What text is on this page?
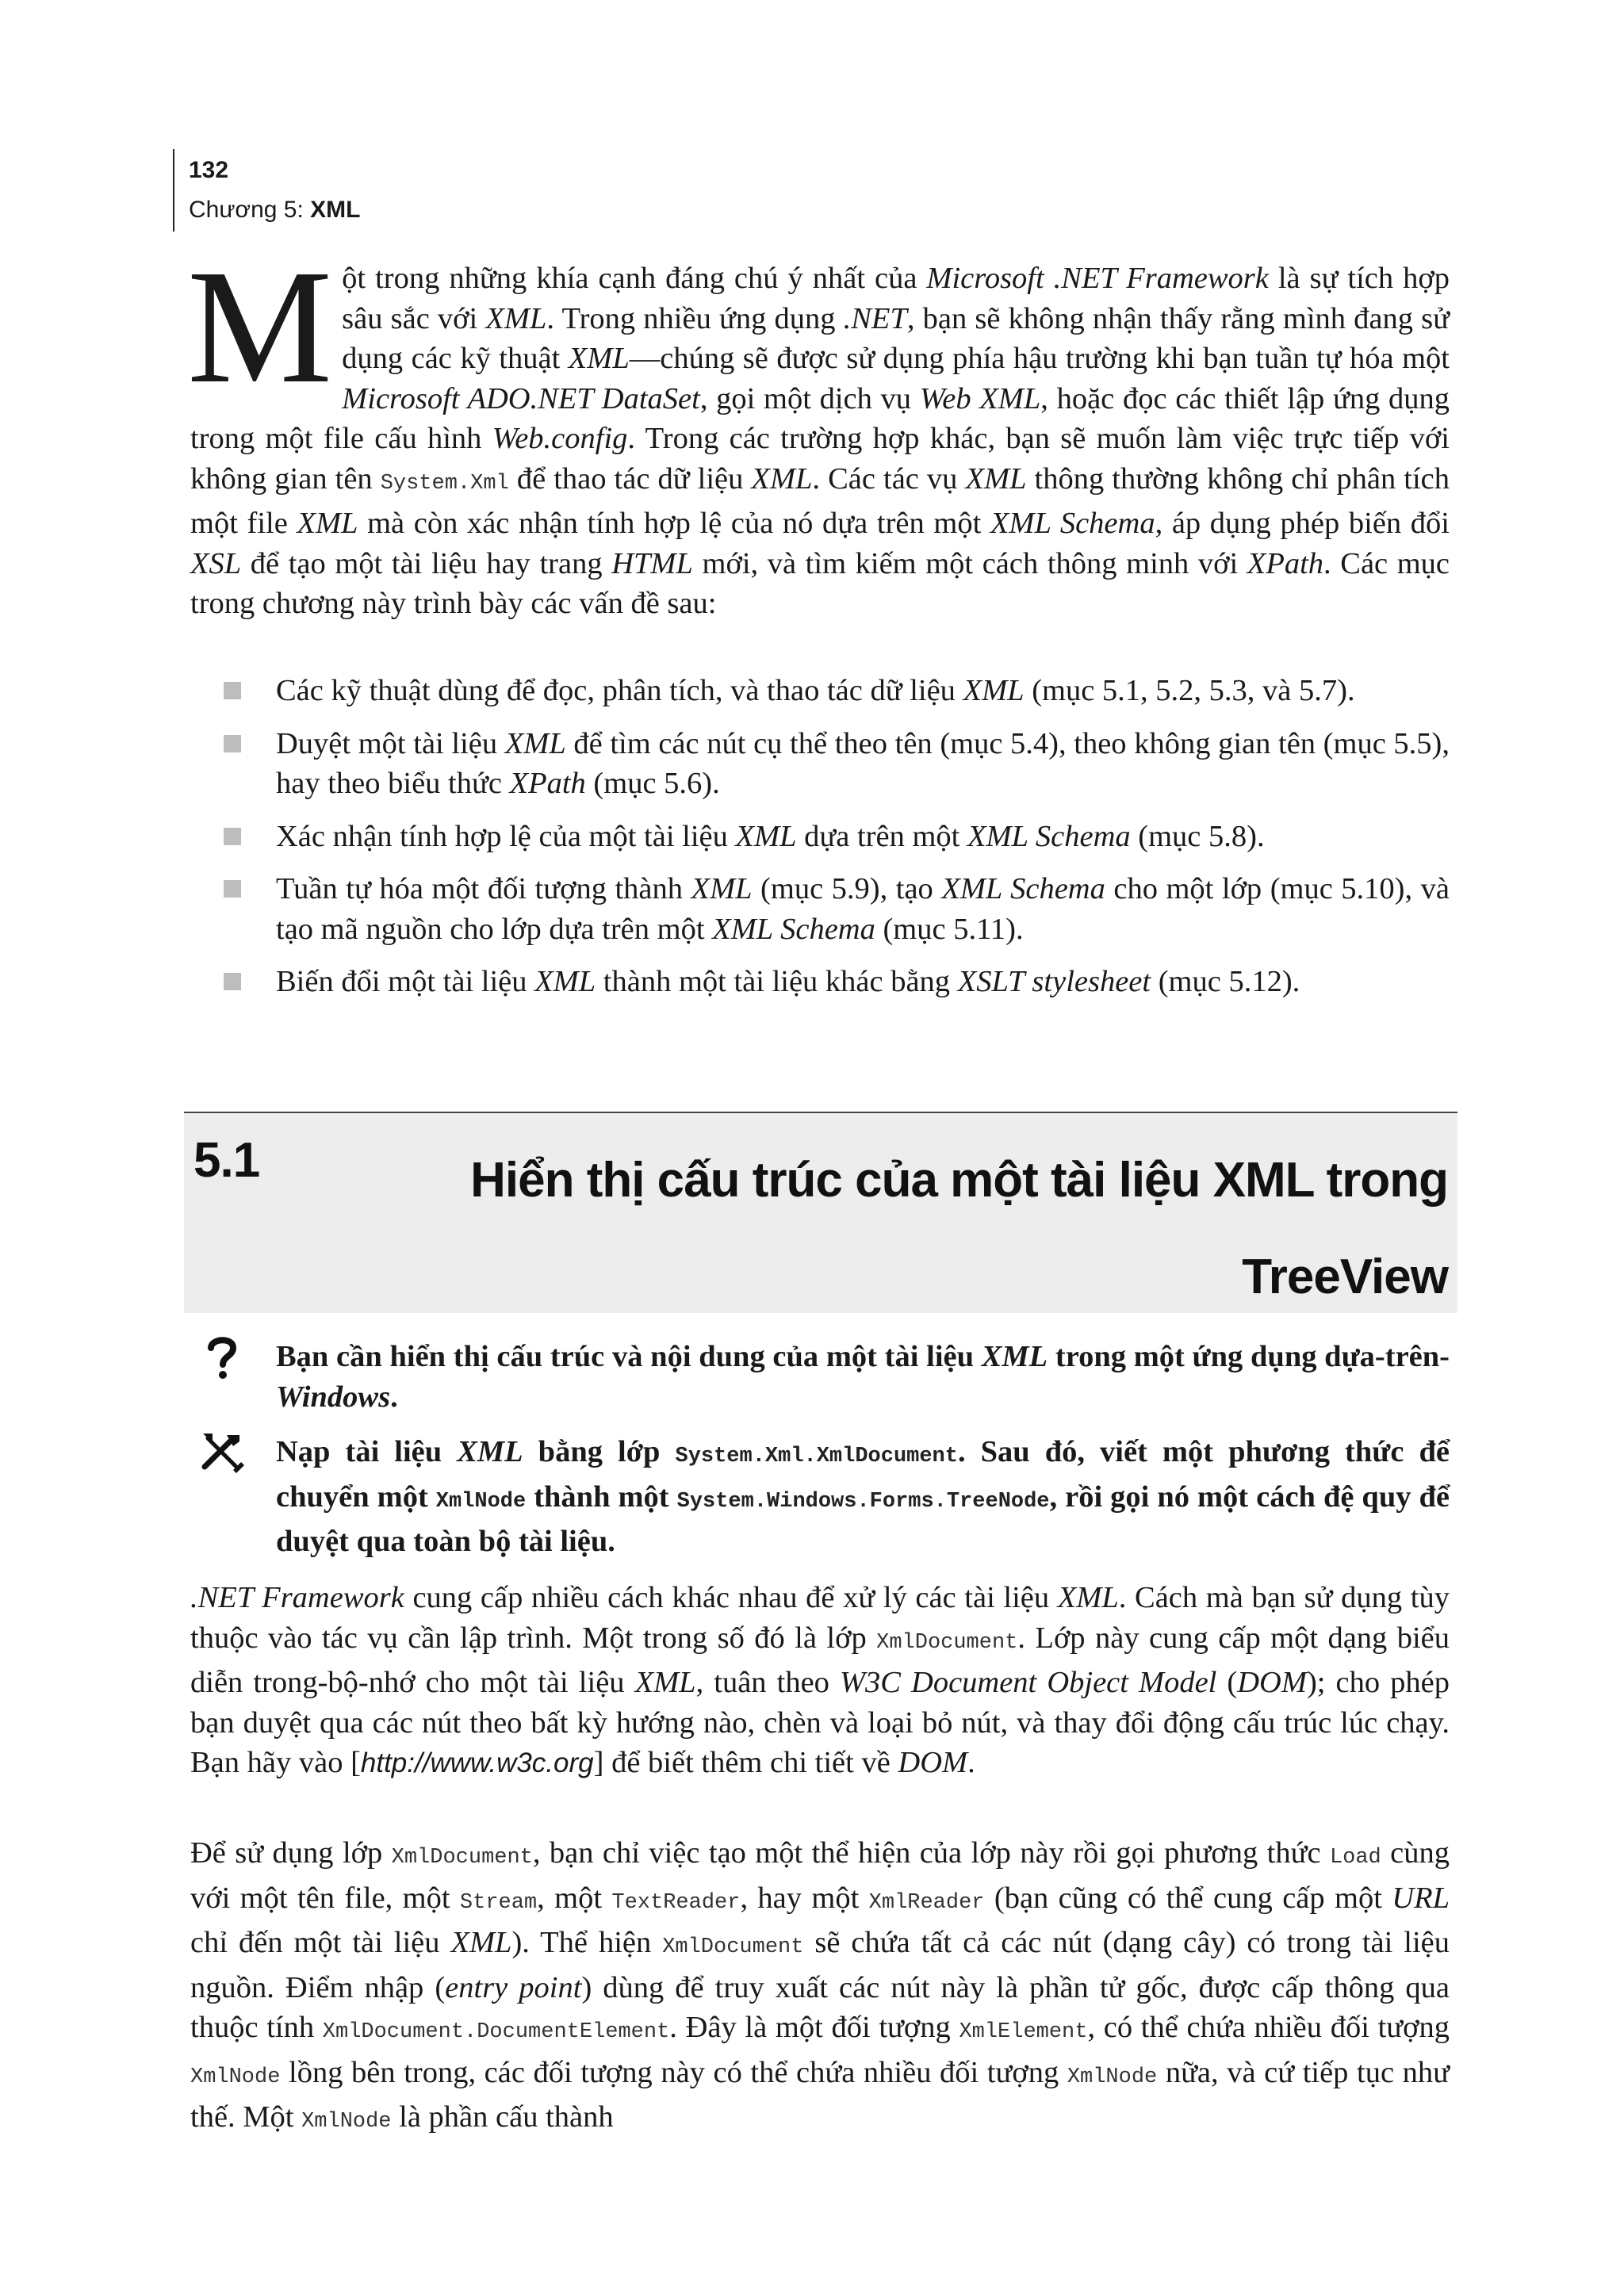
132
Chương 5: XML
Một trong những khía cạnh đáng chú ý nhất của Microsoft .NET Framework là sự tích hợp sâu sắc với XML. Trong nhiều ứng dụng .NET, bạn sẽ không nhận thấy rằng mình đang sử dụng các kỹ thuật XML—chúng sẽ được sử dụng phía hậu trường khi bạn tuần tự hóa một Microsoft ADO.NET DataSet, gọi một dịch vụ Web XML, hoặc đọc các thiết lập ứng dụng trong một file cấu hình Web.config. Trong các trường hợp khác, bạn sẽ muốn làm việc trực tiếp với không gian tên System.Xml để thao tác dữ liệu XML. Các tác vụ XML thông thường không chỉ phân tích một file XML mà còn xác nhận tính hợp lệ của nó dựa trên một XML Schema, áp dụng phép biến đổi XSL để tạo một tài liệu hay trang HTML mới, và tìm kiếm một cách thông minh với XPath. Các mục trong chương này trình bày các vấn đề sau:
Các kỹ thuật dùng để đọc, phân tích, và thao tác dữ liệu XML (mục 5.1, 5.2, 5.3, và 5.7).
Duyệt một tài liệu XML để tìm các nút cụ thể theo tên (mục 5.4), theo không gian tên (mục 5.5), hay theo biểu thức XPath (mục 5.6).
Xác nhận tính hợp lệ của một tài liệu XML dựa trên một XML Schema (mục 5.8).
Tuần tự hóa một đối tượng thành XML (mục 5.9), tạo XML Schema cho một lớp (mục 5.10), và tạo mã nguồn cho lớp dựa trên một XML Schema (mục 5.11).
Biến đổi một tài liệu XML thành một tài liệu khác bằng XSLT stylesheet (mục 5.12).
5.1	Hiển thị cấu trúc của một tài liệu XML trong
TreeView
Bạn cần hiển thị cấu trúc và nội dung của một tài liệu XML trong một ứng dụng dựa-trên-Windows.
Nạp tài liệu XML bằng lớp System.Xml.XmlDocument. Sau đó, viết một phương thức để chuyển một XmlNode thành một System.Windows.Forms.TreeNode, rồi gọi nó một cách đệ quy để duyệt qua toàn bộ tài liệu.
.NET Framework cung cấp nhiều cách khác nhau để xử lý các tài liệu XML. Cách mà bạn sử dụng tùy thuộc vào tác vụ cần lập trình. Một trong số đó là lớp XmlDocument. Lớp này cung cấp một dạng biểu diễn trong-bộ-nhớ cho một tài liệu XML, tuân theo W3C Document Object Model (DOM); cho phép bạn duyệt qua các nút theo bất kỳ hướng nào, chèn và loại bỏ nút, và thay đổi động cấu trúc lúc chạy. Bạn hãy vào [http://www.w3c.org] để biết thêm chi tiết về DOM.
Để sử dụng lớp XmlDocument, bạn chỉ việc tạo một thể hiện của lớp này rồi gọi phương thức Load cùng với một tên file, một Stream, một TextReader, hay một XmlReader (bạn cũng có thể cung cấp một URL chỉ đến một tài liệu XML). Thể hiện XmlDocument sẽ chứa tất cả các nút (dạng cây) có trong tài liệu nguồn. Điểm nhập (entry point) dùng để truy xuất các nút này là phần tử gốc, được cấp thông qua thuộc tính XmlDocument.DocumentElement. Đây là một đối tượng XmlElement, có thể chứa nhiều đối tượng XmlNode lồng bên trong, các đối tượng này có thể chứa nhiều đối tượng XmlNode nữa, và cứ tiếp tục như thế. Một XmlNode là phần cấu thành
